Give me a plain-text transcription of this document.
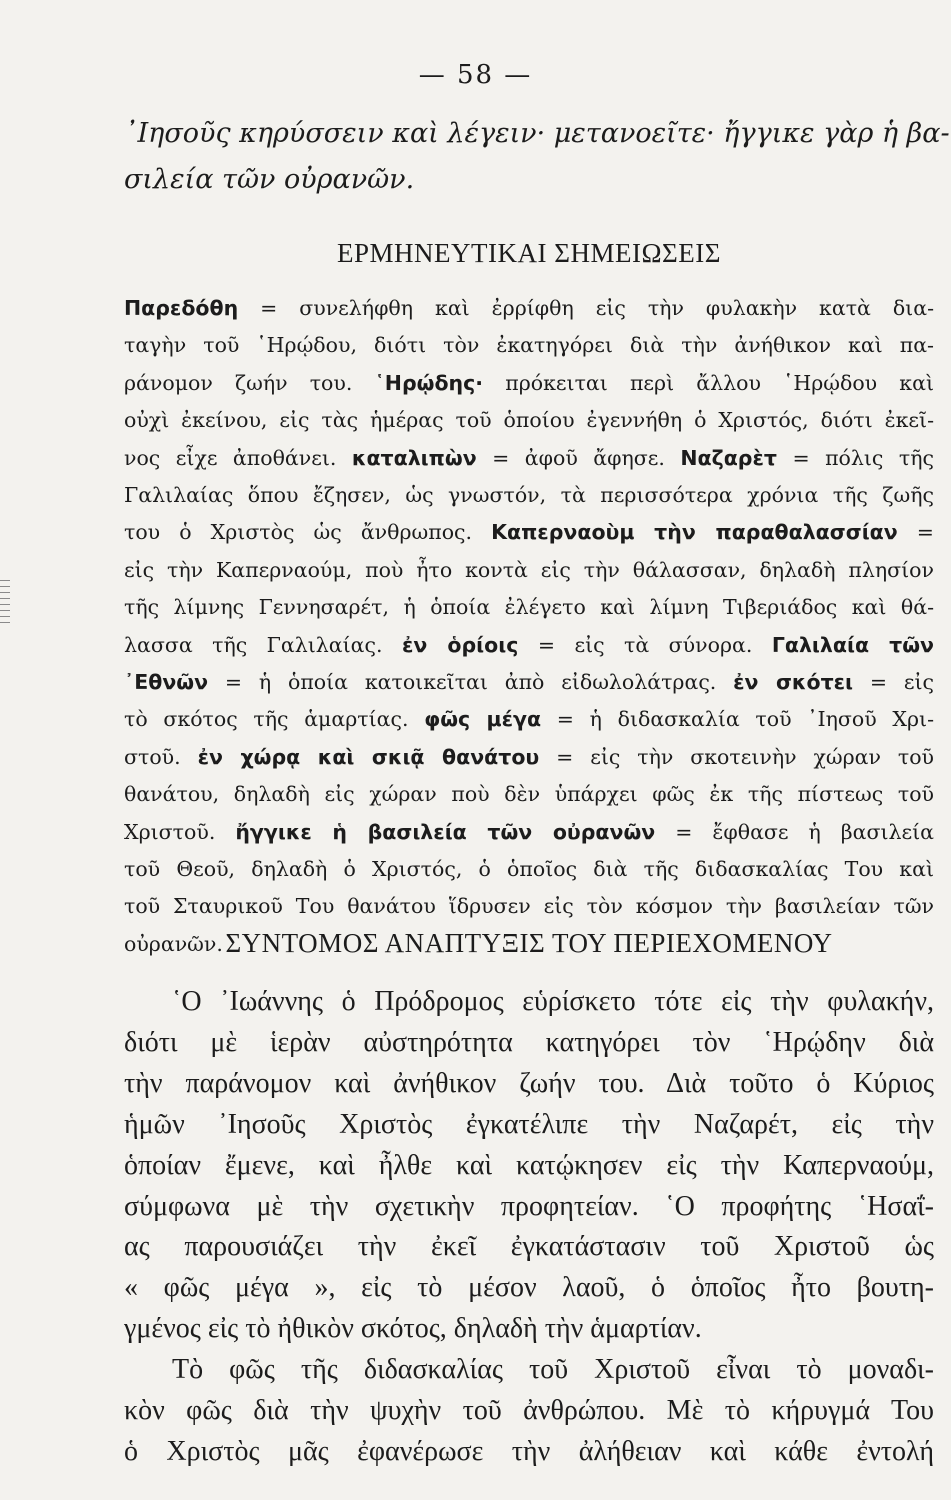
— 58 —
᾿Ιησοῦς κηρύσσειν καὶ λέγειν· μετανοεῖτε· ἤγγικε γὰρ ἡ βα-
σιλεία τῶν οὐρανῶν.
ΕΡΜΗΝΕΥΤΙΚΑΙ ΣΗΜΕΙΩΣΕΙΣ
Παρεδόθη = συνελήφθη καὶ ἐρρίφθη εἰς τὴν φυλακὴν κατὰ δια-
ταγὴν τοῦ ῾Ηρῴδου, διότι τὸν ἐκατηγόρει διὰ τὴν ἀνήθικον καὶ πα-
ράνομον ζωήν του. ῾Ηρῴδης· πρόκειται περὶ ἄλλου ῾Ηρῴδου καὶ
οὐχὶ ἐκείνου, εἰς τὰς ἡμέρας τοῦ ὁποίου ἐγεννήθη ὁ Χριστός, διότι ἐκεῖ-
νος εἶχε ἀποθάνει. καταλιπὼν = ἀφοῦ ἄφησε. Ναζαρὲτ = πόλις τῆς
Γαλιλαίας ὅπου ἔζησεν, ὡς γνωστόν, τὰ περισσότερα χρόνια τῆς ζωῆς
του ὁ Χριστὸς ὡς ἄνθρωπος. Καπερναοὺμ τὴν παραθαλασσίαν =
εἰς τὴν Καπερναούμ, ποὺ ἦτο κοντὰ εἰς τὴν θάλασσαν, δηλαδὴ πλησίον
τῆς λίμνης Γεννησαρέτ, ἡ ὁποία ἐλέγετο καὶ λίμνη Τιβεριάδος καὶ θά-
λασσα τῆς Γαλιλαίας. ἐν ὁρίοις = εἰς τὰ σύνορα. Γαλιλαία τῶν
᾿Εθνῶν = ἡ ὁποία κατοικεῖται ἀπὸ εἰδωλολάτρας. ἐν σκότει = εἰς
τὸ σκότος τῆς ἁμαρτίας. φῶς μέγα = ἡ διδασκαλία τοῦ ᾿Ιησοῦ Χρι-
στοῦ. ἐν χώρᾳ καὶ σκιᾷ θανάτου = εἰς τὴν σκοτεινὴν χώραν τοῦ
θανάτου, δηλαδὴ εἰς χώραν ποὺ δὲν ὑπάρχει φῶς ἐκ τῆς πίστεως τοῦ
Χριστοῦ. ἤγγικε ἡ βασιλεία τῶν οὐρανῶν = ἔφθασε ἡ βασιλεία
τοῦ Θεοῦ, δηλαδὴ ὁ Χριστός, ὁ ὁποῖος διὰ τῆς διδασκαλίας Του καὶ
τοῦ Σταυρικοῦ Του θανάτου ἵδρυσεν εἰς τὸν κόσμον τὴν βασιλείαν τῶν
οὐρανῶν. ΣΥΝΤΟΜΟΣ ΑΝΑΠΤΥΞΙΣ ΤΟΥ ΠΕΡΙΕΧΟΜΕΝΟΥ
῾Ο ᾿Ιωάννης ὁ Πρόδρομος εὑρίσκετο τότε εἰς τὴν φυλακήν,
διότι μὲ ἱερὰν αὐστηρότητα κατηγόρει τὸν ῾Ηρῴδην διὰ
τὴν παράνομον καὶ ἀνήθικον ζωήν του. Διὰ τοῦτο ὁ Κύριος
ἡμῶν ᾿Ιησοῦς Χριστὸς ἐγκατέλιπε τὴν Ναζαρέτ, εἰς τὴν
ὁποίαν ἔμενε, καὶ ἦλθε καὶ κατῴκησεν εἰς τὴν Καπερναούμ,
σύμφωνα μὲ τὴν σχετικὴν προφητείαν. ῾Ο προφήτης ῾Ησαΐ-
ας παρουσιάζει τὴν ἐκεῖ ἐγκατάστασιν τοῦ Χριστοῦ ὡς
« φῶς μέγα », εἰς τὸ μέσον λαοῦ, ὁ ὁποῖος ἦτο βουτη-
γμένος εἰς τὸ ἠθικὸν σκότος, δηλαδὴ τὴν ἁμαρτίαν.
Τὸ φῶς τῆς διδασκαλίας τοῦ Χριστοῦ εἶναι τὸ μοναδι-
κὸν φῶς διὰ τὴν ψυχὴν τοῦ ἀνθρώπου. Μὲ τὸ κήρυγμά Του
ὁ Χριστὸς μᾶς ἐφανέρωσε τὴν ἀλήθειαν καὶ κάθε ἐντολή
